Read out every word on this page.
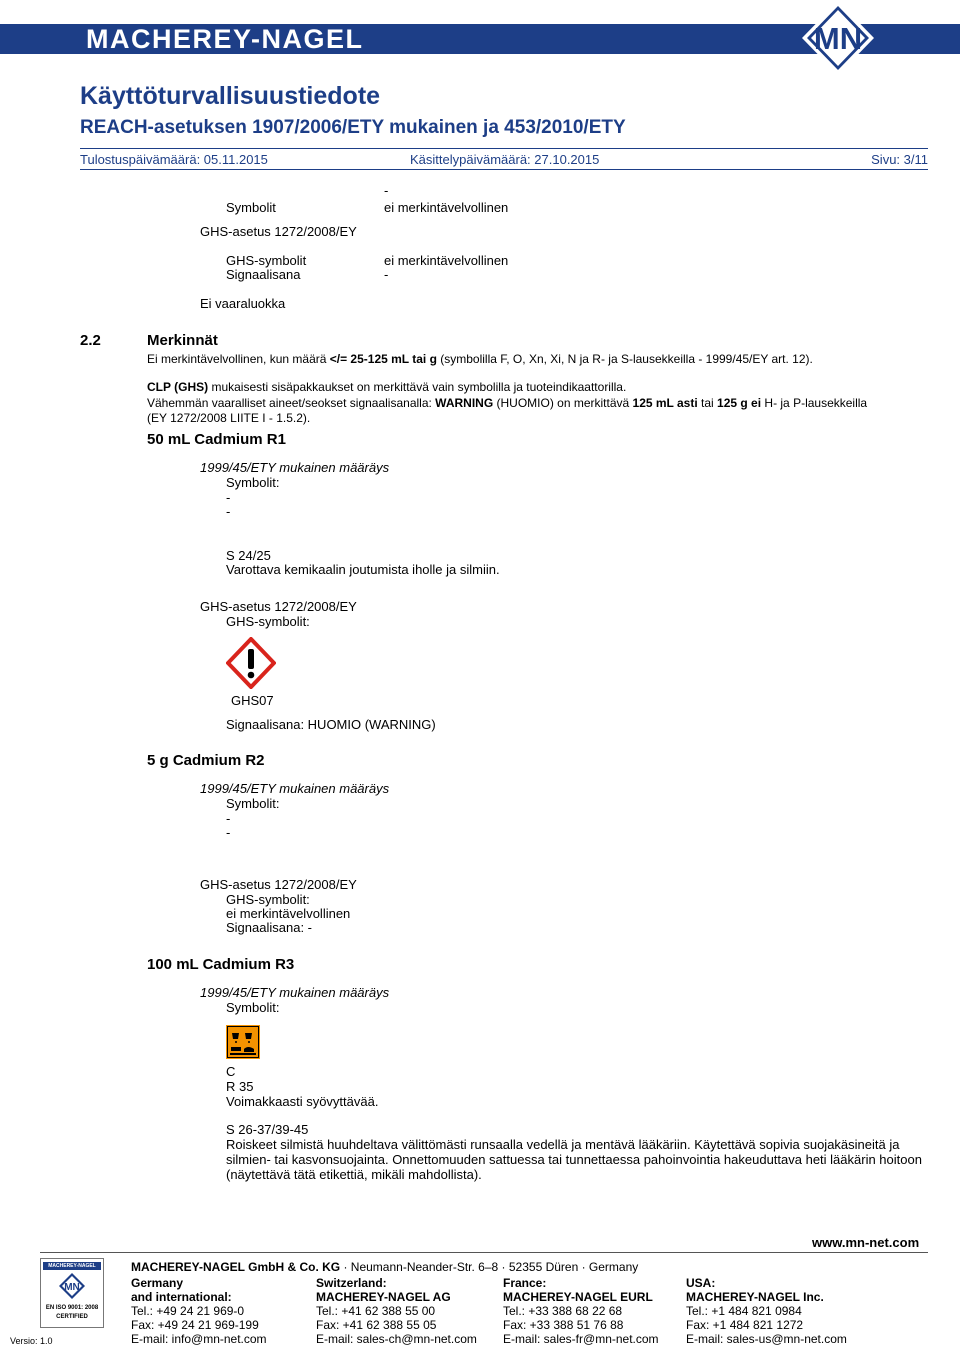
MACHEREY-NAGEL	MN
Käyttöturvallisuustiedote
REACH-asetuksen 1907/2006/ETY mukainen ja 453/2010/ETY
Tulostuspäivämäärä: 05.11.2015	Käsittelypäivämäärä: 27.10.2015	Sivu: 3/11
-
Symbolit	ei merkintävelvollinen
GHS-asetus 1272/2008/EY
GHS-symbolit	ei merkintävelvollinen
Signaalisana	-
Ei vaaraluokka
2.2	Merkinnät
Ei merkintävelvollinen, kun määrä </= 25-125 mL tai g (symbolilla F, O, Xn, Xi, N ja R- ja S-lausekkeilla - 1999/45/EY art. 12).
CLP (GHS) mukaisesti sisäpakkaukset on merkittävä vain symbolilla ja tuoteindikaattorilla.
Vähemmän vaaralliset aineet/seokset signaalisanalla: WARNING (HUOMIO) on merkittävä 125 mL asti tai 125 g ei H- ja P-lausekkeilla
(EY 1272/2008 LIITE I - 1.5.2).
50 mL Cadmium R1
1999/45/ETY mukainen määräys
Symbolit:
-
-
S 24/25
Varottava kemikaalin joutumista iholle ja silmiin.
GHS-asetus 1272/2008/EY
GHS-symbolit:
GHS07
Signaalisana: HUOMIO (WARNING)
5 g Cadmium R2
1999/45/ETY mukainen määräys
Symbolit:
-
-
GHS-asetus 1272/2008/EY
GHS-symbolit:
ei merkintävelvollinen
Signaalisana: -
100 mL Cadmium R3
1999/45/ETY mukainen määräys
Symbolit:
C
R 35
Voimakkaasti syövyttävää.
S 26-37/39-45
Roiskeet silmistä huuhdeltava välittömästi runsaalla vedellä ja mentävä lääkäriin. Käytettävä sopivia suojakäsineitä ja
silmien- tai kasvonsuojainta. Onnettomuuden sattuessa tai tunnettaessa pahoinvointia hakeuduttava heti lääkärin hoitoon
(näytettävä tätä etikettiä, mikäli mahdollista).
www.mn-net.com
MACHEREY-NAGEL
MN
EN ISO 9001: 2008
CERTIFIED
Versio: 1.0
MACHEREY-NAGEL GmbH & Co. KG · Neumann-Neander-Str. 6–8 · 52355 Düren · Germany
Germany
and international:
Tel.: +49 24 21 969-0
Fax: +49 24 21 969-199
E-mail: info@mn-net.com
Switzerland:
MACHEREY-NAGEL AG
Tel.: +41 62 388 55 00
Fax: +41 62 388 55 05
E-mail: sales-ch@mn-net.com
France:
MACHEREY-NAGEL EURL
Tel.: +33 388 68 22 68
Fax: +33 388 51 76 88
E-mail: sales-fr@mn-net.com
USA:
MACHEREY-NAGEL Inc.
Tel.: +1 484 821 0984
Fax: +1 484 821 1272
E-mail: sales-us@mn-net.com
